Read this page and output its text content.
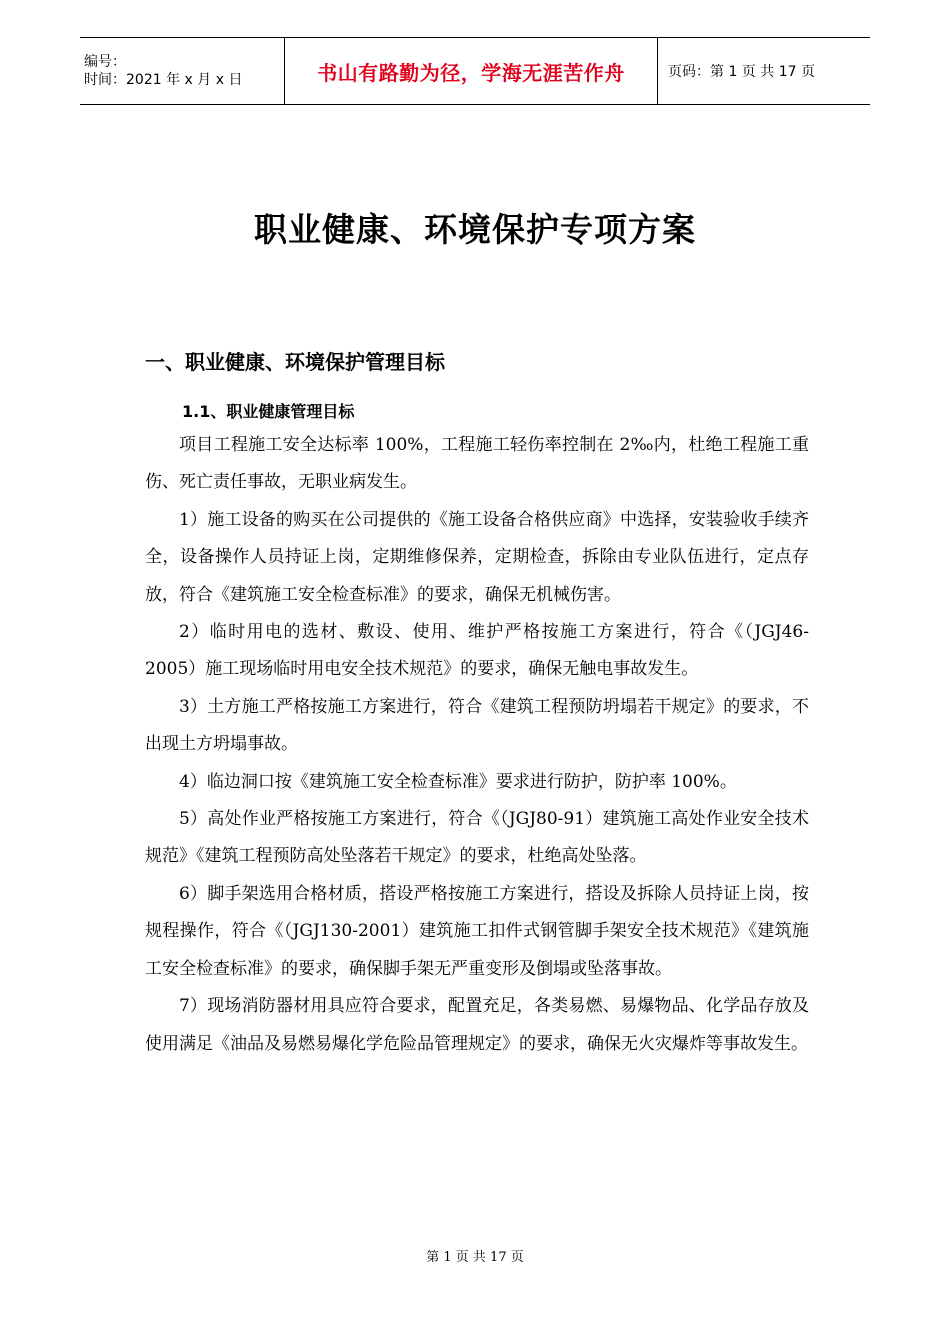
编号：
时间：2021 年 x 月 x 日	书山有路勤为径，学海无涯苦作舟	页码：第 1 页 共 17 页
职业健康、环境保护专项方案
一、职业健康、环境保护管理目标
1.1、职业健康管理目标

项目工程施工安全达标率 100%，工程施工轻伤率控制在 2‰内，杜绝工程施工重伤、死亡责任事故，无职业病发生。

1）施工设备的购买在公司提供的《施工设备合格供应商》中选择，安装验收手续齐全，设备操作人员持证上岗，定期维修保养，定期检查，拆除由专业队伍进行，定点存放，符合《建筑施工安全检查标准》的要求，确保无机械伤害。

2）临时用电的选材、敷设、使用、维护严格按施工方案进行，符合《（JGJ46-2005）施工现场临时用电安全技术规范》的要求，确保无触电事故发生。

3）土方施工严格按施工方案进行，符合《建筑工程预防坍塌若干规定》的要求，不出现土方坍塌事故。

4）临边洞口按《建筑施工安全检查标准》要求进行防护，防护率 100%。

5）高处作业严格按施工方案进行，符合《（JGJ80-91）建筑施工高处作业安全技术规范》《建筑工程预防高处坠落若干规定》的要求，杜绝高处坠落。

6）脚手架选用合格材质，搭设严格按施工方案进行，搭设及拆除人员持证上岗，按规程操作，符合《（JGJ130-2001）建筑施工扣件式钢管脚手架安全技术规范》《建筑施工安全检查标准》的要求，确保脚手架无严重变形及倒塌或坠落事故。

7）现场消防器材用具应符合要求，配置充足，各类易燃、易爆物品、化学品存放及使用满足《油品及易燃易爆化学危险品管理规定》的要求，确保无火灾爆炸等事故发生。

第 1 页 共 17 页
